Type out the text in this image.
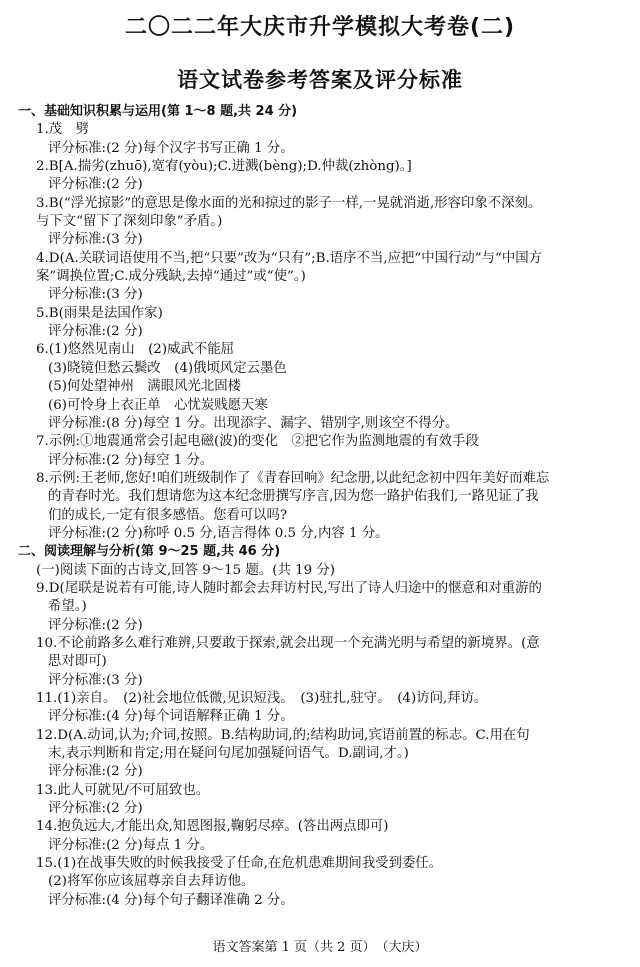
二〇二二年大庆市升学模拟大考卷(二)
语文试卷参考答案及评分标准
一、基础知识积累与运用(第 1～8 题,共 24 分)
1.茂　劈
评分标准:(2 分)每个汉字书写正确 1 分。
2.B[A.揣劣(zhuō),宽宥(yòu);C.迸溅(bèng);D.仲裁(zhòng)。]
评分标准:(2 分)
3.B(“浮光掠影”的意思是像水面的光和掠过的影子一样,一晃就消逝,形容印象不深刻。
与下文“留下了深刻印象”矛盾。)
评分标准:(3 分)
4.D(A.关联词语使用不当,把“只要”改为“只有”;B.语序不当,应把“中国行动”与“中国方
案”调换位置;C.成分残缺,去掉“通过”或“使”。)
评分标准:(3 分)
5.B(雨果是法国作家)
评分标准:(2 分)
6.(1)悠然见南山　(2)威武不能屈
(3)晓镜但愁云鬓改　(4)俄顷风定云墨色
(5)何处望神州　满眼风光北固楼
(6)可怜身上衣正单　心忧炭贱愿天寒
评分标准:(8 分)每空 1 分。出现添字、漏字、错别字,则该空不得分。
7.示例:①地震通常会引起电磁(波)的变化　②把它作为监测地震的有效手段
评分标准:(2 分)每空 1 分。
8.示例:王老师,您好!咱们班级制作了《青春回响》纪念册,以此纪念初中四年美好而难忘
的青春时光。我们想请您为这本纪念册撰写序言,因为您一路护佑我们,一路见证了我
们的成长,一定有很多感悟。您看可以吗?
评分标准:(2 分)称呼 0.5 分,语言得体 0.5 分,内容 1 分。
二、阅读理解与分析(第 9～25 题,共 46 分)
(一)阅读下面的古诗文,回答 9～15 题。(共 19 分)
9.D(尾联是说若有可能,诗人随时都会去拜访村民,写出了诗人归途中的惬意和对重游的
希望。)
评分标准:(2 分)
10.不论前路多么难行难辨,只要敢于探索,就会出现一个充满光明与希望的新境界。(意
思对即可)
评分标准:(3 分)
11.(1)亲自。　(2)社会地位低微,见识短浅。　(3)驻扎,驻守。　(4)访问,拜访。
评分标准:(4 分)每个词语解释正确 1 分。
12.D(A.动词,认为;介词,按照。B.结构助词,的;结构助词,宾语前置的标志。C.用在句
末,表示判断和肯定;用在疑问句尾加强疑问语气。D.副词,才。)
评分标准:(2 分)
13.此人可就见/不可屈致也。
评分标准:(2 分)
14.抱负远大,才能出众,知恩图报,鞠躬尽瘁。(答出两点即可)
评分标准:(2 分)每点 1 分。
15.(1)在战事失败的时候我接受了任命,在危机患难期间我受到委任。
(2)将军你应该屈尊亲自去拜访他。
评分标准:(4 分)每个句子翻译准确 2 分。
语文答案第 1 页（共 2 页）　（大庆）
